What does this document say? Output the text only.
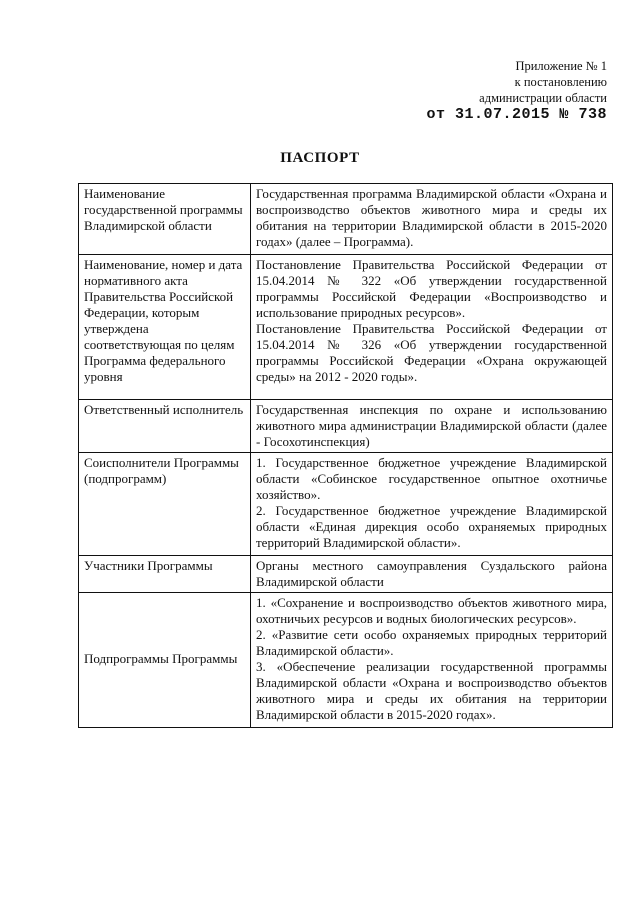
Приложение № 1
к постановлению
администрации области
от 31.07.2015 № 738
ПАСПОРТ
Наименование государственной программы Владимирской области	Государственная программа Владимирской области «Охрана и воспроизводство объектов животного мира и среды их обитания на территории Владимирской области в 2015-2020 годах» (далее – Программа).

Наименование, номер и дата нормативного акта Правительства Российской Федерации, которым утверждена соответствующая по целям Программа федерального уровня	Постановление Правительства Российской Федерации от 15.04.2014 № 322 «Об утверждении государственной программы Российской Федерации «Воспроизводство и использование природных ресурсов».
Постановление Правительства Российской Федерации от 15.04.2014 № 326 «Об утверждении государственной программы Российской Федерации «Охрана окружающей среды» на 2012 - 2020 годы».

Ответственный исполнитель	Государственная инспекция по охране и использованию животного мира администрации Владимирской области (далее - Госохотинспекция)

Соисполнители Программы (подпрограмм)	1. Государственное бюджетное учреждение Владимирской области «Собинское государственное опытное охотничье хозяйство».
2. Государственное бюджетное учреждение Владимирской области «Единая дирекция особо охраняемых природных территорий Владимирской области».

Участники Программы	Органы местного самоуправления Суздальского района Владимирской области

Подпрограммы Программы	1. «Сохранение и воспроизводство объектов животного мира, охотничьих ресурсов и водных биологических ресурсов».
2. «Развитие сети особо охраняемых природных территорий Владимирской области».
3. «Обеспечение реализации государственной программы Владимирской области «Охрана и воспроизводство объектов животного мира и среды их обитания на территории Владимирской области в 2015-2020 годах».
